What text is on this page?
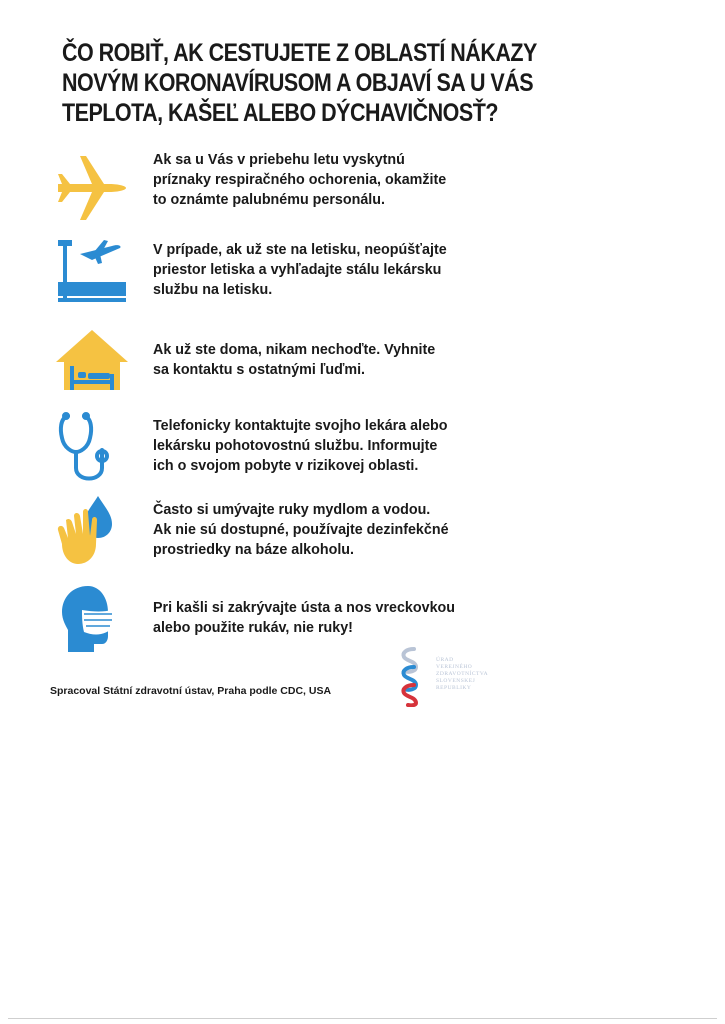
ČO ROBIŤ, AK CESTUJETE Z OBLASTÍ NÁKAZY
NOVÝM KORONAVÍRUSOM A OBJAVÍ SA U VÁS
TEPLOTA, KAŠEĽ ALEBO DÝCHAVIČNOSŤ?

Ak sa u Vás v priebehu letu vyskytnú
príznaky respiračného ochorenia, okamžite
to oznámte palubnému personálu.

V prípade, ak už ste na letisku, neopúšťajte
priestor letiska a vyhľadajte stálu lekársku
službu na letisku.

Ak už ste doma, nikam nechoďte. Vyhnite
sa kontaktu s ostatnými ľuďmi.

Telefonicky kontaktujte svojho lekára alebo
lekársku pohotovostnú službu. Informujte
ich o svojom pobyte v rizikovej oblasti.

Často si umývajte ruky mydlom a vodou.
Ak nie sú dostupné, používajte dezinfekčné
prostriedky na báze alkoholu.

Pri kašli si zakrývajte ústa a nos vreckovkou
alebo použite rukáv, nie ruky!

Spracoval Státní zdravotní ústav, Praha podle CDC, USA

ÚRAD
VEREJNÉHO
ZDRAVOTNÍCTVA
SLOVENSKEJ
REPUBLIKY
